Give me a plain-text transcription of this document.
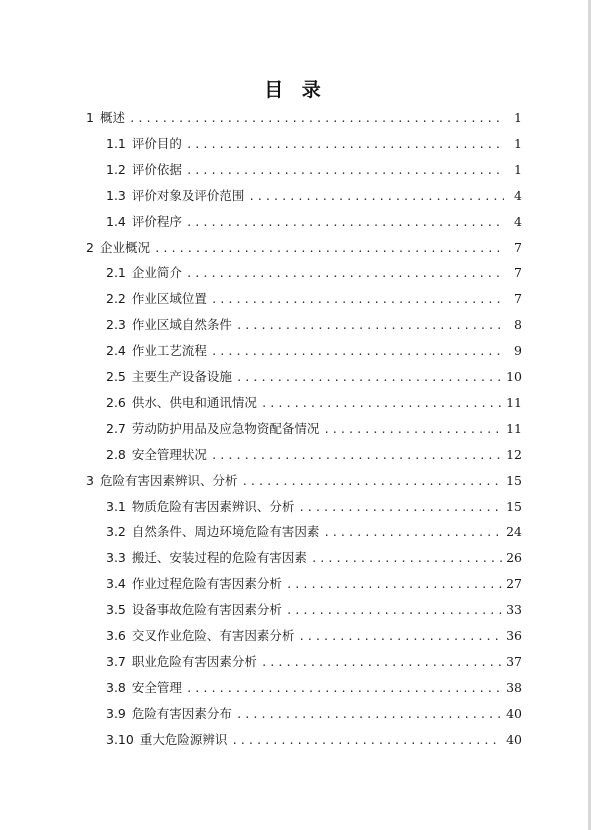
目 录
1 概述 .....	1
1.1 评价目的 .....	1
1.2 评价依据 .....	1
1.3 评价对象及评价范围 .....	4
1.4 评价程序 .....	4
2 企业概况 .....	7
2.1 企业简介 .....	7
2.2 作业区域位置 .....	7
2.3 作业区域自然条件 .....	8
2.4 作业工艺流程 .....	9
2.5 主要生产设备设施 .....	10
2.6 供水、供电和通讯情况 .....	11
2.7 劳动防护用品及应急物资配备情况 .....	11
2.8 安全管理状况 .....	12
3 危险有害因素辨识、分析 .....	15
3.1 物质危险有害因素辨识、分析 .....	15
3.2 自然条件、周边环境危险有害因素 .....	24
3.3 搬迁、安装过程的危险有害因素 .....	26
3.4 作业过程危险有害因素分析 .....	27
3.5 设备事故危险有害因素分析 .....	33
3.6 交叉作业危险、有害因素分析 .....	36
3.7 职业危险有害因素分析 .....	37
3.8 安全管理 .....	38
3.9 危险有害因素分布 .....	40
3.10 重大危险源辨识 .....	40
